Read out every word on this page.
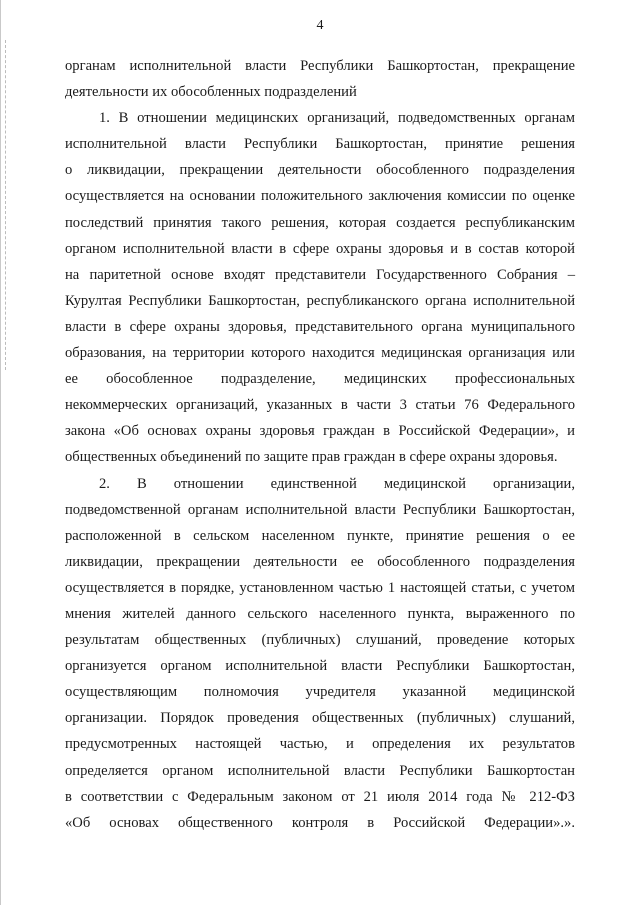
4
органам исполнительной власти Республики Башкортостан, прекращение
деятельности их обособленных подразделений
1. В отношении медицинских организаций, подведомственных органам
исполнительной власти Республики Башкортостан, принятие решения
о ликвидации, прекращении деятельности обособленного подразделения
осуществляется на основании положительного заключения комиссии по оценке
последствий принятия такого решения, которая создается республиканским
органом исполнительной власти в сфере охраны здоровья и в состав которой
на паритетной основе входят представители Государственного Собрания –
Курултая Республики Башкортостан, республиканского органа исполнительной
власти в сфере охраны здоровья, представительного органа муниципального
образования, на территории которого находится медицинская организация или
ее обособленное подразделение, медицинских профессиональных
некоммерческих организаций, указанных в части 3 статьи 76 Федерального
закона «Об основах охраны здоровья граждан в Российской Федерации», и
общественных объединений по защите прав граждан в сфере охраны здоровья.
2. В отношении единственной медицинской организации,
подведомственной органам исполнительной власти Республики Башкортостан,
расположенной в сельском населенном пункте, принятие решения о ее
ликвидации, прекращении деятельности ее обособленного подразделения
осуществляется в порядке, установленном частью 1 настоящей статьи, с учетом
мнения жителей данного сельского населенного пункта, выраженного по
результатам общественных (публичных) слушаний, проведение которых
организуется органом исполнительной власти Республики Башкортостан,
осуществляющим полномочия учредителя указанной медицинской
организации. Порядок проведения общественных (публичных) слушаний,
предусмотренных настоящей частью, и определения их результатов
определяется органом исполнительной власти Республики Башкортостан
в соответствии с Федеральным законом от 21 июля 2014 года № 212-ФЗ
«Об основах общественного контроля в Российской Федерации».».
